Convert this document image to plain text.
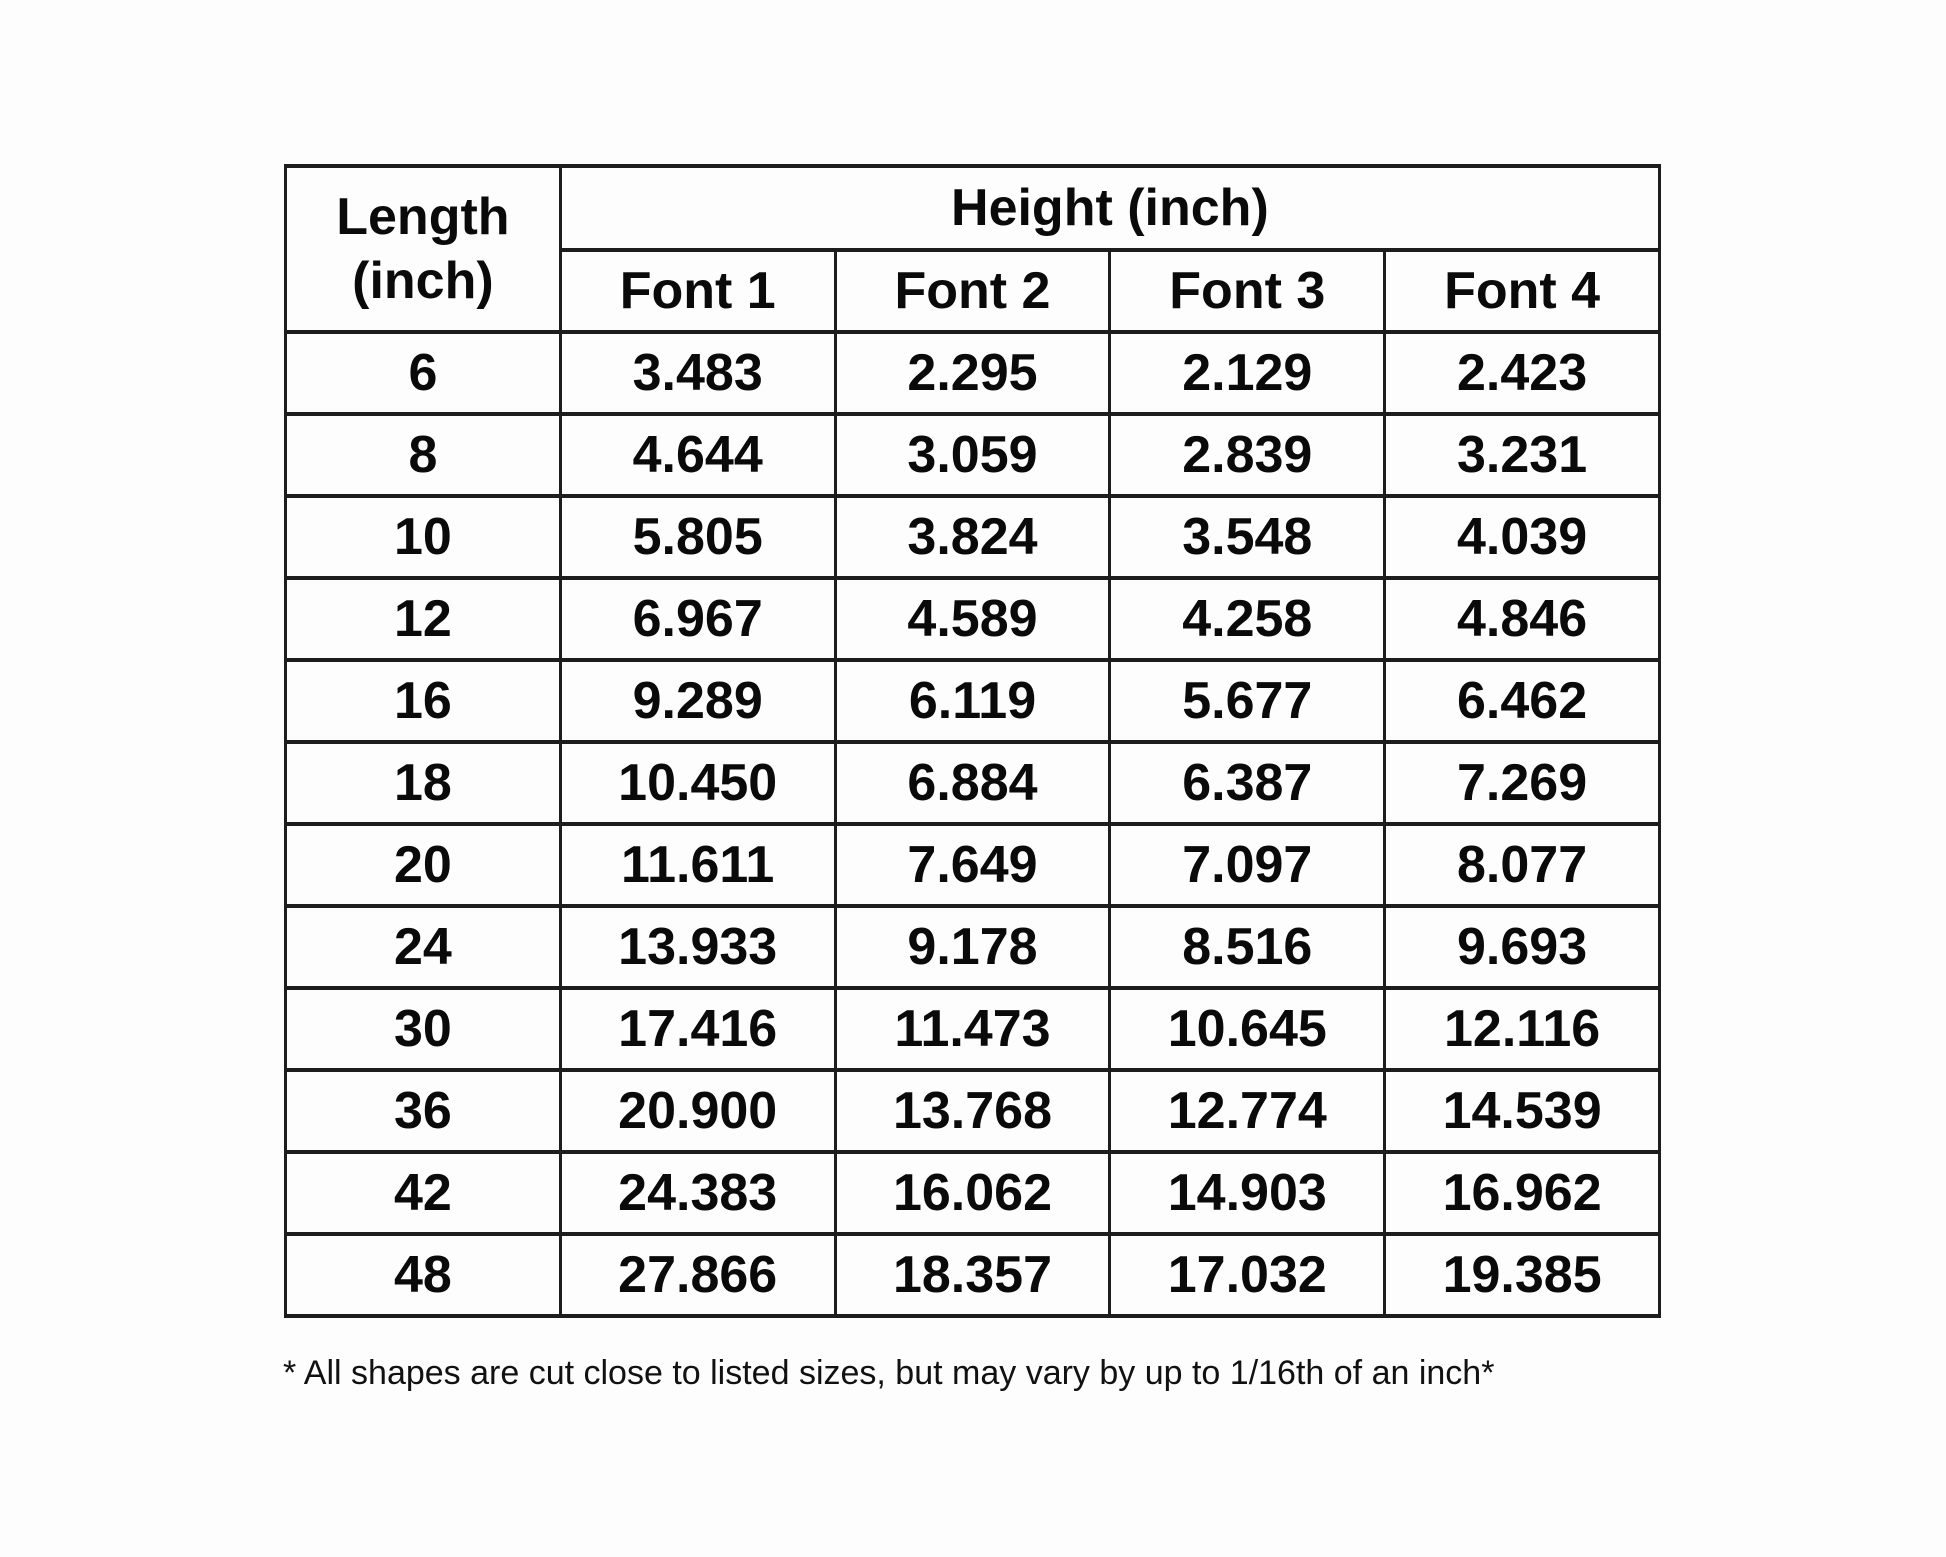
Length
(inch)	Height (inch)			
	Font 1	Font 2	Font 3	Font 4
6	3.483	2.295	2.129	2.423
8	4.644	3.059	2.839	3.231
10	5.805	3.824	3.548	4.039
12	6.967	4.589	4.258	4.846
16	9.289	6.119	5.677	6.462
18	10.450	6.884	6.387	7.269
20	11.611	7.649	7.097	8.077
24	13.933	9.178	8.516	9.693
30	17.416	11.473	10.645	12.116
36	20.900	13.768	12.774	14.539
42	24.383	16.062	14.903	16.962
48	27.866	18.357	17.032	19.385
* All shapes are cut close to listed sizes, but may vary by up to 1/16th of an inch*
